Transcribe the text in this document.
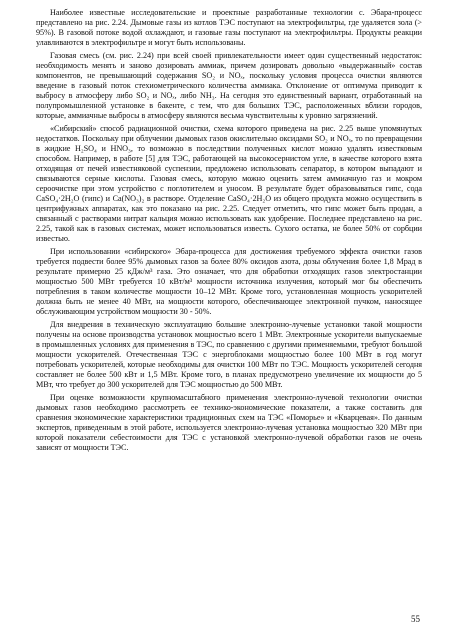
Наиболее известные исследовательские и проектные разработанные технологии с. Эбара-процесс представлено на рис. 2.24. Дымовые газы из котлов ТЭС поступают на электрофильтры, где удаляется зола (> 95%). В газовой потоке водой охлаждают, и газовые газы поступают на электрофильтры. Продукты реакции улавливаются в электрофильтре и могут быть использованы.

Газовая смесь (см. рис. 2.24) при всей своей привлекательности имеет один существенный недостаток: необходимость менять и заново дозировать аммиак, причем дозировать довольно «выдержанный» состав компонентов, не превышающий содержания SO₂ и NOₓ, поскольку условия процесса очистки являются введение в газовый поток стехиометрического количества аммиака. Отклонение от оптимума приводит к выбросу в атмосферу либо SO₂ и NOₓ, либо NH₃. На сегодня это единственный вариант, отработанный на полупромышленной установке в бакенте, с тем, что для больших ТЭС, расположенных вблизи городов, которые, аммиачные выбросы в атмосферу являются весьма чувствительны к уровню загрязнений.

«Сибирский» способ радиационной очистки, схема которого приведена на рис. 2.25 выше упомянутых недостатков. Поскольку при облучении дымовых газов окислительно оксидами SO₂ и NOₓ, то по превращении в жидкие H₂SO₄ и HNO₃, то возможно в последствии полученных кислот можно удалять известковым способом. Например, в работе [5] для ТЭС, работающей на высокосернистом угле, в качестве которого взята отходящая от печей известняковой суспензии, предложено использовать сепаратор, в котором выпадают и связываются серные кислоты. Газовая смесь, которую можно оценить затем аммиачную газ и мокром сероочистке при этом устройство с поглотителем и уносом. В результате будет образовываться гипс, сода CaSO₄·2H₂O (гипс) и Ca(NO₃)₂ в растворе. Отделение CaSO₄·2H₂O из общего продукта можно осуществить в центрифужных аппаратах, как это показано на рис. 2.25. Следует отметить, что гипс может быть продан, а связанный с растворами нитрат кальция можно использовать как удобрение. Последнее представлено на рис. 2.25, такой как в газовых системах, может использоваться известь. Сухого остатка, не более 50% от сорбции известью.

При использовании «сибирского» Эбара-процесса для достижения требуемого эффекта очистки газов требуется подвести более 95% дымовых газов за более 80% оксидов азота, дозы облучения более 1,8 Мрад в результате примерно 25 кДж/м³ газа. Это означает, что для обработки отходящих газов электростанции мощностью 500 МВт требуется 10 кВт/м³ мощности источника излучения, который мог бы обеспечить потребления в таком количестве мощности 10–12 МВт. Кроме того, установленная мощность ускорителей должна быть не менее 40 МВт, на мощности которого, обеспечивающее электронной пучком, наносящее обслуживающим устройством мощности 30 - 50%.

Для внедрения в техническую эксплуатацию большие электронно-лучевые установки такой мощности получены на основе производства установок мощностью всего 1 МВт. Электронные ускорители выпускаемые в промышленных условиях для применения в ТЭС, по сравнению с другими применяемыми, требуют большой мощности ускорителей. Отечественная ТЭС с энергоблоками мощностью более 100 МВт в год могут потребовать ускорителей, которые необходимы для очистки 100 МВт по ТЭС. Мощность ускорителей сегодня составляет не более 500 кВт и 1,5 МВт. Кроме того, в планах предусмотрено увеличение их мощности до 5 МВт, что требует до 300 ускорителей для ТЭС мощностью до 500 МВт.

При оценке возможности крупномасштабного применения электронно-лучевой технологии очистки дымовых газов необходимо рассмотреть ее технико-экономические показатели, а также составить для сравнения экономические характеристики традиционных схем на ТЭС «Поморье» и «Кварцевая». По данным экспертов, приведенным в этой работе, используется электронно-лучевая установка мощностью 320 МВт при которой показатели себестоимости для ТЭС с установкой электронно-лучевой обработки газов не очень зависят от мощности ТЭС.

55
